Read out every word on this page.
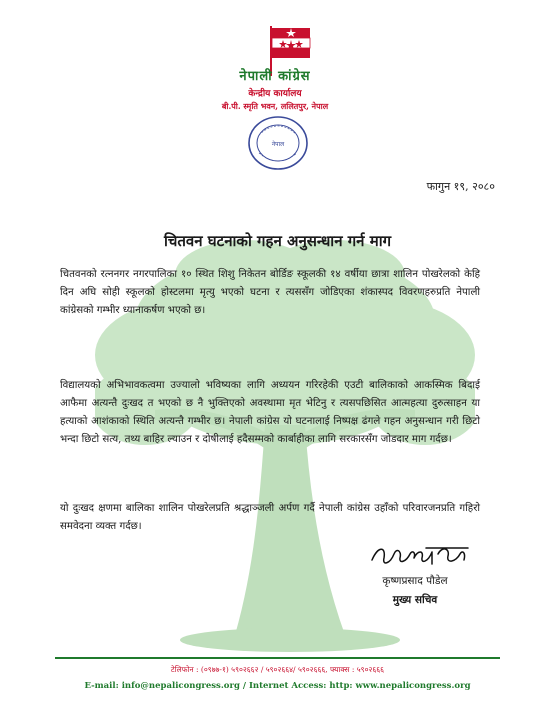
नेपाली कांग्रेस
केन्द्रीय कार्यालय
बी.पी. स्मृति भवन, ललितपुर, नेपाल
नेपाल
फागुन १९, २०८०
चितवन घटनाको गहन अनुसन्धान गर्न माग

चितवनको रत्ननगर नगरपालिका १० स्थित शिशु निकेतन बोर्डिङ स्कूलकी १४ वर्षीया छात्रा शालिन पोखरेलको केहि दिन अघि सोही स्कूलको होस्टलमा मृत्यु भएको घटना र त्यससँग जोडिएका शंकास्पद विवरणहरुप्रति नेपाली कांग्रेसको गम्भीर ध्यानाकर्षण भएको छ।

विद्यालयको अभिभावकत्वमा उज्यालो भविष्यका लागि अध्ययन गरिरहेकी एउटी बालिकाको आकस्मिक बिदाई आफैमा अत्यन्तै दुःखद त भएको छ नै भुक्तिएको अवस्थामा मृत भेटिनु र त्यसपछिसित आत्महत्या दुरुत्साहन या हत्याको आशंकाको स्थिति अत्यन्तै गम्भीर छ। नेपाली कांग्रेस यो घटनालाई निष्पक्ष ढंगले गहन अनुसन्धान गरी छिटो भन्दा छिटो सत्य, तथ्य बाहिर ल्याउन र दोषीलाई हदैसम्मको कार्बाहीका लागि सरकारसँग जोडदार माग गर्दछ।

यो दुःखद क्षणमा बालिका शालिन पोखरेलप्रति श्रद्धाञ्जली अर्पण गर्दै नेपाली कांग्रेस उहाँको परिवारजनप्रति गहिरो समवेदना व्यक्त गर्दछ।

कृष्णप्रसाद पौडेल
मुख्य सचिव
टेलिफोन : (०९७७-१) ५९०२६६२ / ५९०२६६४/ ५९०२६६६, फ्याक्स : ५९०२६६६
E-mail: info@nepalicongress.org / Internet Access: http: www.nepalicongress.org
